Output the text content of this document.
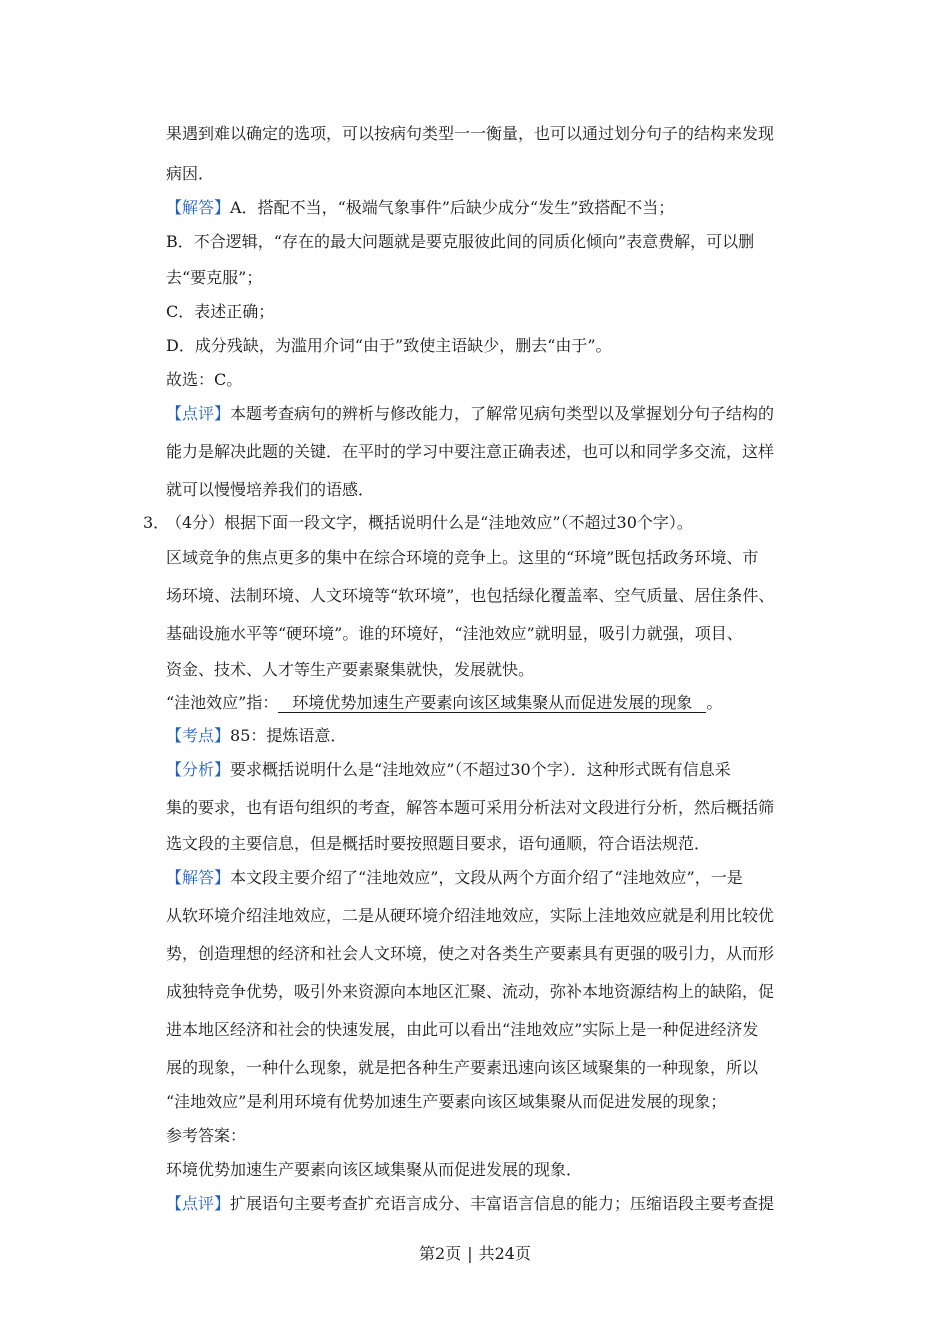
果遇到难以确定的选项，可以按病句类型一一衡量，也可以通过划分句子的结构来发现
病因．
【解答】A．搭配不当，“极端气象事件”后缺少成分“发生”致搭配不当；
B．不合逻辑，“存在的最大问题就是要克服彼此间的同质化倾向”表意费解，可以删
去“要克服”；
C．表述正确；
D．成分残缺，为滥用介词“由于”致使主语缺少，删去“由于”。
故选：C。
【点评】本题考查病句的辨析与修改能力，了解常见病句类型以及掌握划分句子结构的
能力是解决此题的关键．在平时的学习中要注意正确表述，也可以和同学多交流，这样
就可以慢慢培养我们的语感．
3．
（4分）根据下面一段文字，概括说明什么是“洼地效应”（不超过30个字）。
区域竞争的焦点更多的集中在综合环境的竞争上。这里的“环境”既包括政务环境、市
场环境、法制环境、人文环境等“软环境”，也包括绿化覆盖率、空气质量、居住条件、
基础设施水平等“硬环境”。谁的环境好，“洼池效应”就明显，吸引力就强，项目、
资金、技术、人才等生产要素聚集就快，发展就快。
“洼池效应”指： 环境优势加速生产要素向该区域集聚从而促进发展的现象 。
【考点】85：提炼语意．
【分析】要求概括说明什么是“洼地效应”（不超过30个字）．这种形式既有信息采
集的要求，也有语句组织的考查，解答本题可采用分析法对文段进行分析，然后概括筛
选文段的主要信息，但是概括时要按照题目要求，语句通顺，符合语法规范．
【解答】本文段主要介绍了“洼地效应”，文段从两个方面介绍了“洼地效应”，一是
从软环境介绍洼地效应，二是从硬环境介绍洼地效应，实际上洼地效应就是利用比较优
势，创造理想的经济和社会人文环境，使之对各类生产要素具有更强的吸引力，从而形
成独特竞争优势，吸引外来资源向本地区汇聚、流动，弥补本地资源结构上的缺陷，促
进本地区经济和社会的快速发展，由此可以看出“洼地效应”实际上是一种促进经济发
展的现象，一种什么现象，就是把各种生产要素迅速向该区域聚集的一种现象，所以
“洼地效应”是利用环境有优势加速生产要素向该区域集聚从而促进发展的现象；
参考答案：
环境优势加速生产要素向该区域集聚从而促进发展的现象．
【点评】扩展语句主要考查扩充语言成分、丰富语言信息的能力；压缩语段主要考查提
第2页 | 共24页
